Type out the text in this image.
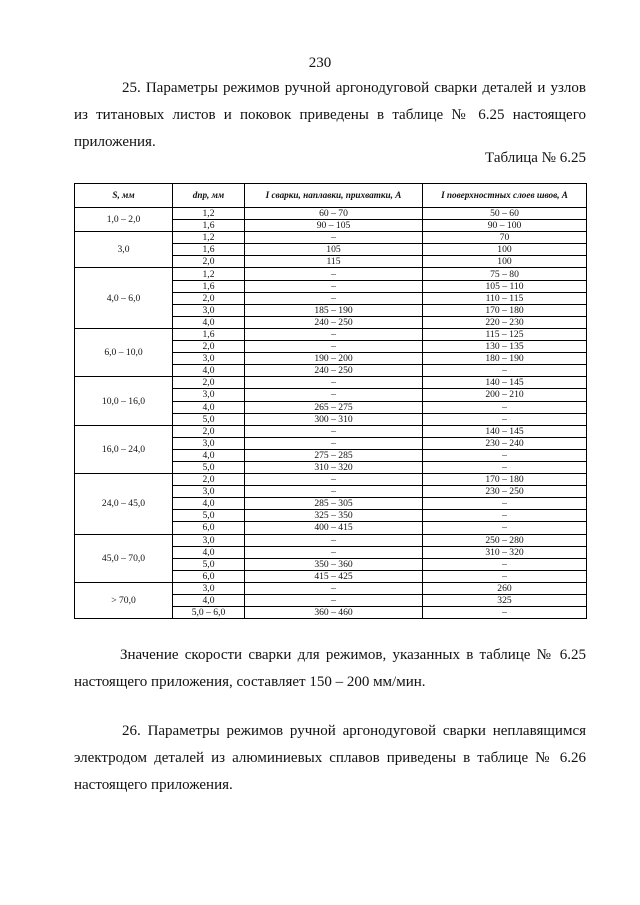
230
25. Параметры режимов ручной аргонодуговой сварки деталей и узлов из титановых листов и поковок приведены в таблице № 6.25 настоящего приложения.
Таблица № 6.25
S, мм	dпр, мм	I сварки, наплавки, прихватки, А	I поверхностных слоев швов, А
1,0 – 2,0	1,2	60 – 70	50 – 60
	1,6	90 – 105	90 – 100
3,0	1,2	–	70
	1,6	105	100
	2,0	115	100
4,0 – 6,0	1,2	–	75 – 80
	1,6	–	105 – 110
	2,0	–	110 – 115
	3,0	185 – 190	170 – 180
	4,0	240 – 250	220 – 230
6,0 – 10,0	1,6	–	115 – 125
	2,0	–	130 – 135
	3,0	190 – 200	180 – 190
	4,0	240 – 250	–
10,0 – 16,0	2,0	–	140 – 145
	3,0	–	200 – 210
	4,0	265 – 275	–
	5,0	300 – 310	–
16,0 – 24,0	2,0	–	140 – 145
	3,0	–	230 – 240
	4,0	275 – 285	–
	5,0	310 – 320	–
24,0 – 45,0	2,0	–	170 – 180
	3,0	–	230 – 250
	4,0	285 – 305	–
	5,0	325 – 350	–
	6,0	400 – 415	–
45,0 – 70,0	3,0	–	250 – 280
	4,0	–	310 – 320
	5,0	350 – 360	–
	6,0	415 – 425	–
> 70,0	3,0	–	260
	4,0	–	325
	5,0 – 6,0	360 – 460	–
Значение скорости сварки для режимов, указанных в таблице № 6.25 настоящего приложения, составляет 150 – 200 мм/мин.
26. Параметры режимов ручной аргонодуговой сварки неплавящимся электродом деталей из алюминиевых сплавов приведены в таблице № 6.26 настоящего приложения.
